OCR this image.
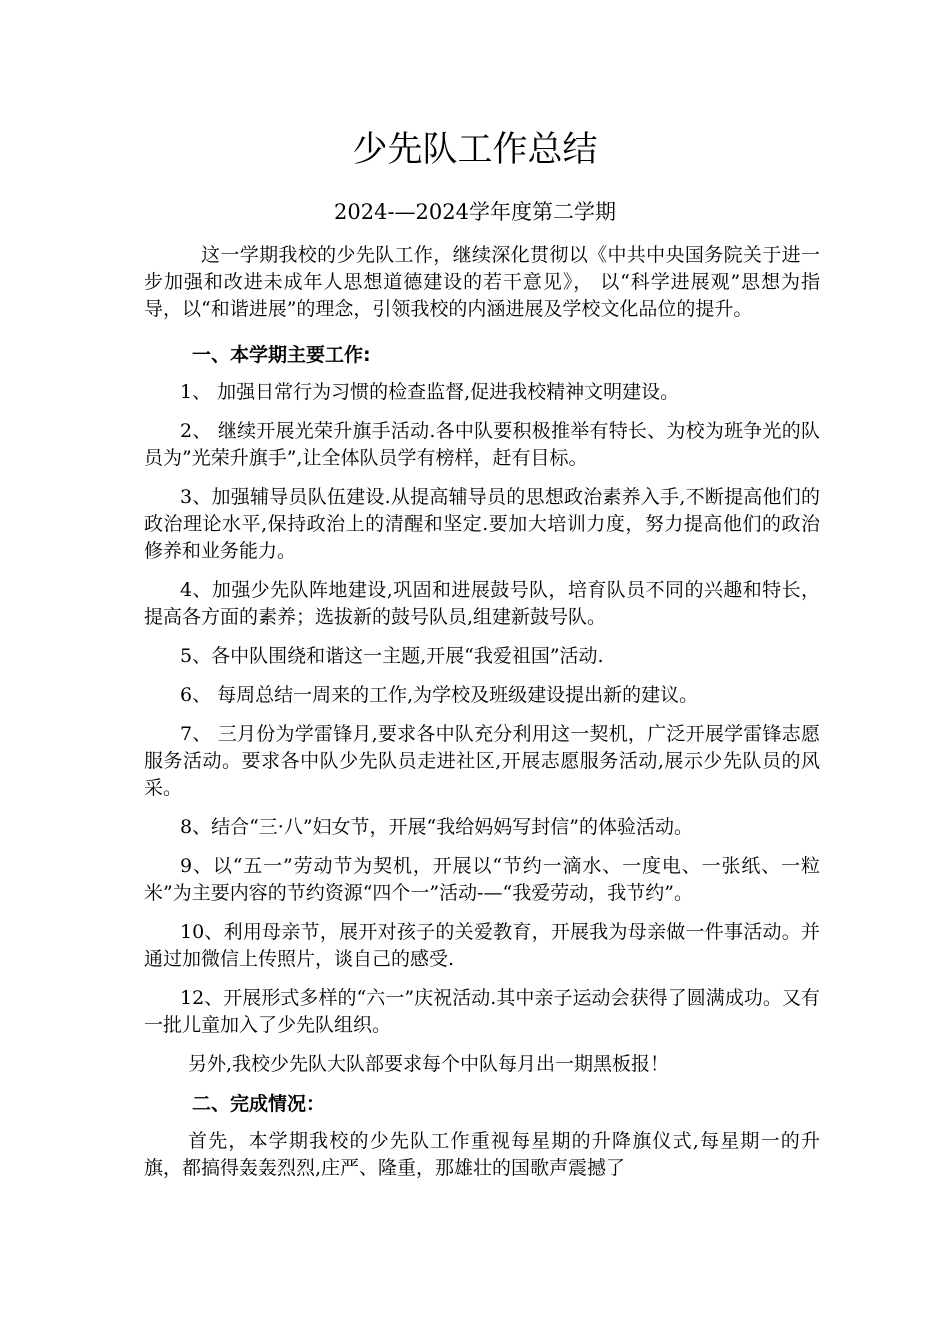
少先队工作总结
2024-—2024学年度第二学期

这一学期我校的少先队工作，继续深化贯彻以《中共中央国务院关于进一步加强和改进未成年人思想道德建设的若干意见》， 以“科学进展观”思想为指导，以“和谐进展”的理念，引领我校的内涵进展及学校文化品位的提升。

一、本学期主要工作:

1、 加强日常行为习惯的检查监督,促进我校精神文明建设。

2、 继续开展光荣升旗手活动.各中队要积极推举有特长、为校为班争光的队员为”光荣升旗手”,让全体队员学有榜样，赶有目标。

3、加强辅导员队伍建设.从提高辅导员的思想政治素养入手,不断提高他们的政治理论水平,保持政治上的清醒和坚定.要加大培训力度，努力提高他们的政治修养和业务能力。

4、加强少先队阵地建设,巩固和进展鼓号队，培育队员不同的兴趣和特长，提高各方面的素养；选拔新的鼓号队员,组建新鼓号队。

5、各中队围绕和谐这一主题,开展“我爱祖国”活动.

6、 每周总结一周来的工作,为学校及班级建设提出新的建议。

7、 三月份为学雷锋月,要求各中队充分利用这一契机，广泛开展学雷锋志愿服务活动。要求各中队少先队员走进社区,开展志愿服务活动,展示少先队员的风采。

8、结合“三·八”妇女节，开展“我给妈妈写封信”的体验活动。

9、以“五一”劳动节为契机，开展以“节约一滴水、一度电、一张纸、一粒米”为主要内容的节约资源“四个一”活动-—“我爱劳动，我节约”。

10、利用母亲节，展开对孩子的关爱教育，开展我为母亲做一件事活动。并通过加微信上传照片，谈自己的感受.

12、开展形式多样的“六一”庆祝活动.其中亲子运动会获得了圆满成功。又有一批儿童加入了少先队组织。

另外,我校少先队大队部要求每个中队每月出一期黑板报！

二、完成情况：

首先，本学期我校的少先队工作重视每星期的升降旗仪式,每星期一的升旗，都搞得轰轰烈烈,庄严、隆重，那雄壮的国歌声震撼了
